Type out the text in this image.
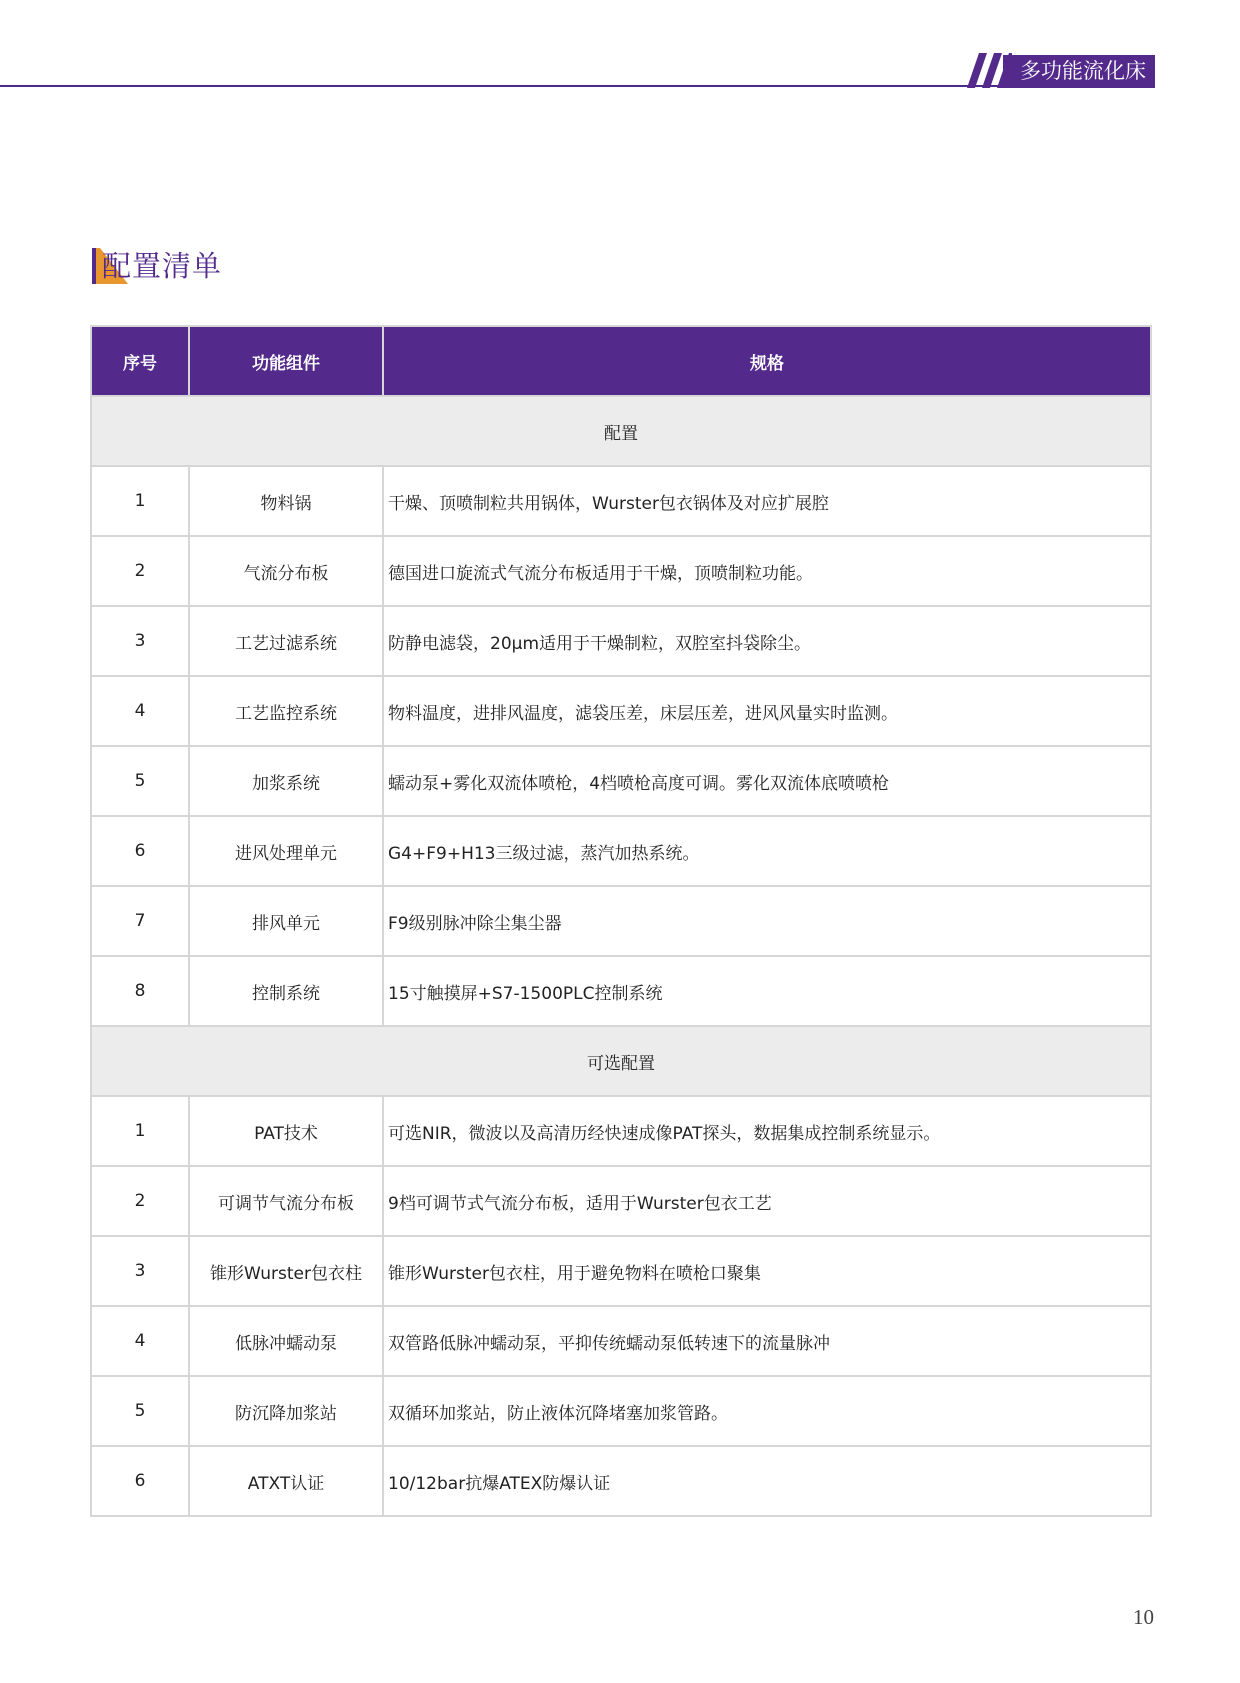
多功能流化床
配置清单
序号	功能组件	规格
配置		
1	物料锅	干燥、顶喷制粒共用锅体，Wurster包衣锅体及对应扩展腔
2	气流分布板	德国进口旋流式气流分布板适用于干燥，顶喷制粒功能。
3	工艺过滤系统	防静电滤袋，20µm适用于干燥制粒，双腔室抖袋除尘。
4	工艺监控系统	物料温度，进排风温度，滤袋压差，床层压差，进风风量实时监测。
5	加浆系统	蠕动泵+雾化双流体喷枪，4档喷枪高度可调。雾化双流体底喷喷枪
6	进风处理单元	G4+F9+H13三级过滤，蒸汽加热系统。
7	排风单元	F9级别脉冲除尘集尘器
8	控制系统	15寸触摸屏+S7-1500PLC控制系统
可选配置		
1	PAT技术	可选NIR，微波以及高清历经快速成像PAT探头，数据集成控制系统显示。
2	可调节气流分布板	9档可调节式气流分布板，适用于Wurster包衣工艺
3	锥形Wurster包衣柱	锥形Wurster包衣柱，用于避免物料在喷枪口聚集
4	低脉冲蠕动泵	双管路低脉冲蠕动泵，平抑传统蠕动泵低转速下的流量脉冲
5	防沉降加浆站	双循环加浆站，防止液体沉降堵塞加浆管路。
6	ATXT认证	10/12bar抗爆ATEX防爆认证
10
